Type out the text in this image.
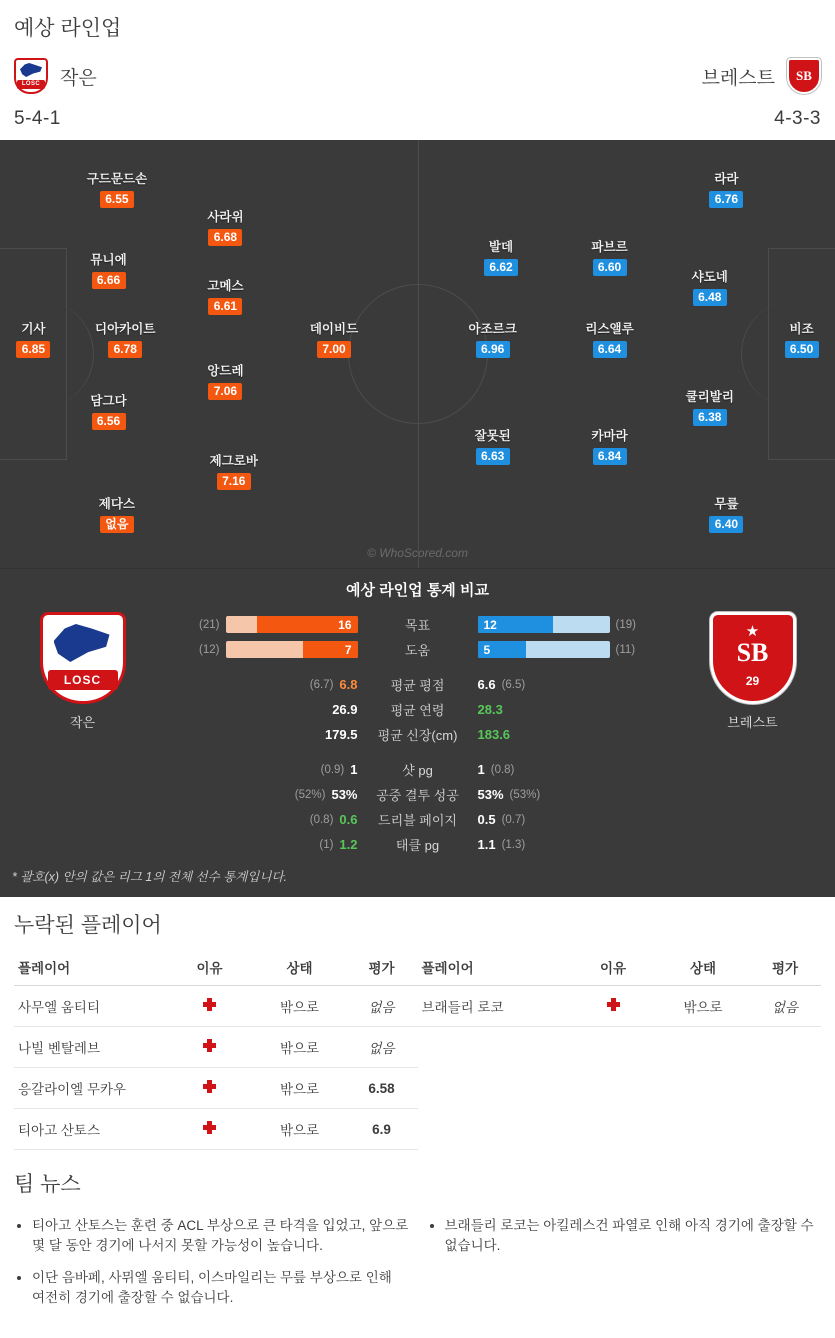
예상 라인업
LOSC 작은
5-4-1
브레스트	SB
4-3-3
© WhoScored.com
기사
6.85
구드문드손
6.55
뮤니에
6.66
디아카이트
6.78
담그다
6.56
제다스
없음
사라위
6.68
고메스
6.61
앙드레
7.06
제그로바
7.16
데이비드
7.00
비조
6.50
라라
6.76
샤도네
6.48
쿨리발리
6.38
무릎
6.40
발데
6.62
파브르
6.60
아조르크
6.96
리스앨루
6.64
잘못된
6.63
카마라
6.84
예상 라인업 통계 비교
LOSC
작은
(21)	16	목표	12	(19)
(12)	7	도움	5	(11)
(6.7) 6.8	평균 평점	6.6 (6.5)
26.9	평균 연령	28.3
179.5	평균 신장(cm)	183.6
(0.9) 1	샷 pg	1 (0.8)
(52%) 53%	공중 결투 성공	53% (53%)
(0.8) 0.6	드리블 페이지	0.5 (0.7)
(1) 1.2	태클 pg	1.1 (1.3)
★
SB
29
브레스트
* 괄호(x) 안의 값은 리그 1의 전체 선수 통계입니다.
누락된 플레이어
플레이어	이유	상태	평가
사무엘 움티티		밖으로	없음
나빌 벤탈레브		밖으로	없음
응갈라이엘 무카우		밖으로	6.58
티아고 산토스		밖으로	6.9
플레이어	이유	상태	평가
브래들리 로코		밖으로	없음
팀 뉴스
• 티아고 산토스는 훈련 중 ACL 부상으로 큰 타격을 입었고, 앞으로 몇 달 동안 경기에 나서지 못할 가능성이 높습니다.
• 이단 음바페, 사뮈엘 움티티, 이스마일리는 무릎 부상으로 인해 여전히 경기에 출장할 수 없습니다.
• 브래들리 로코는 아킬레스건 파열로 인해 아직 경기에 출장할 수 없습니다.
